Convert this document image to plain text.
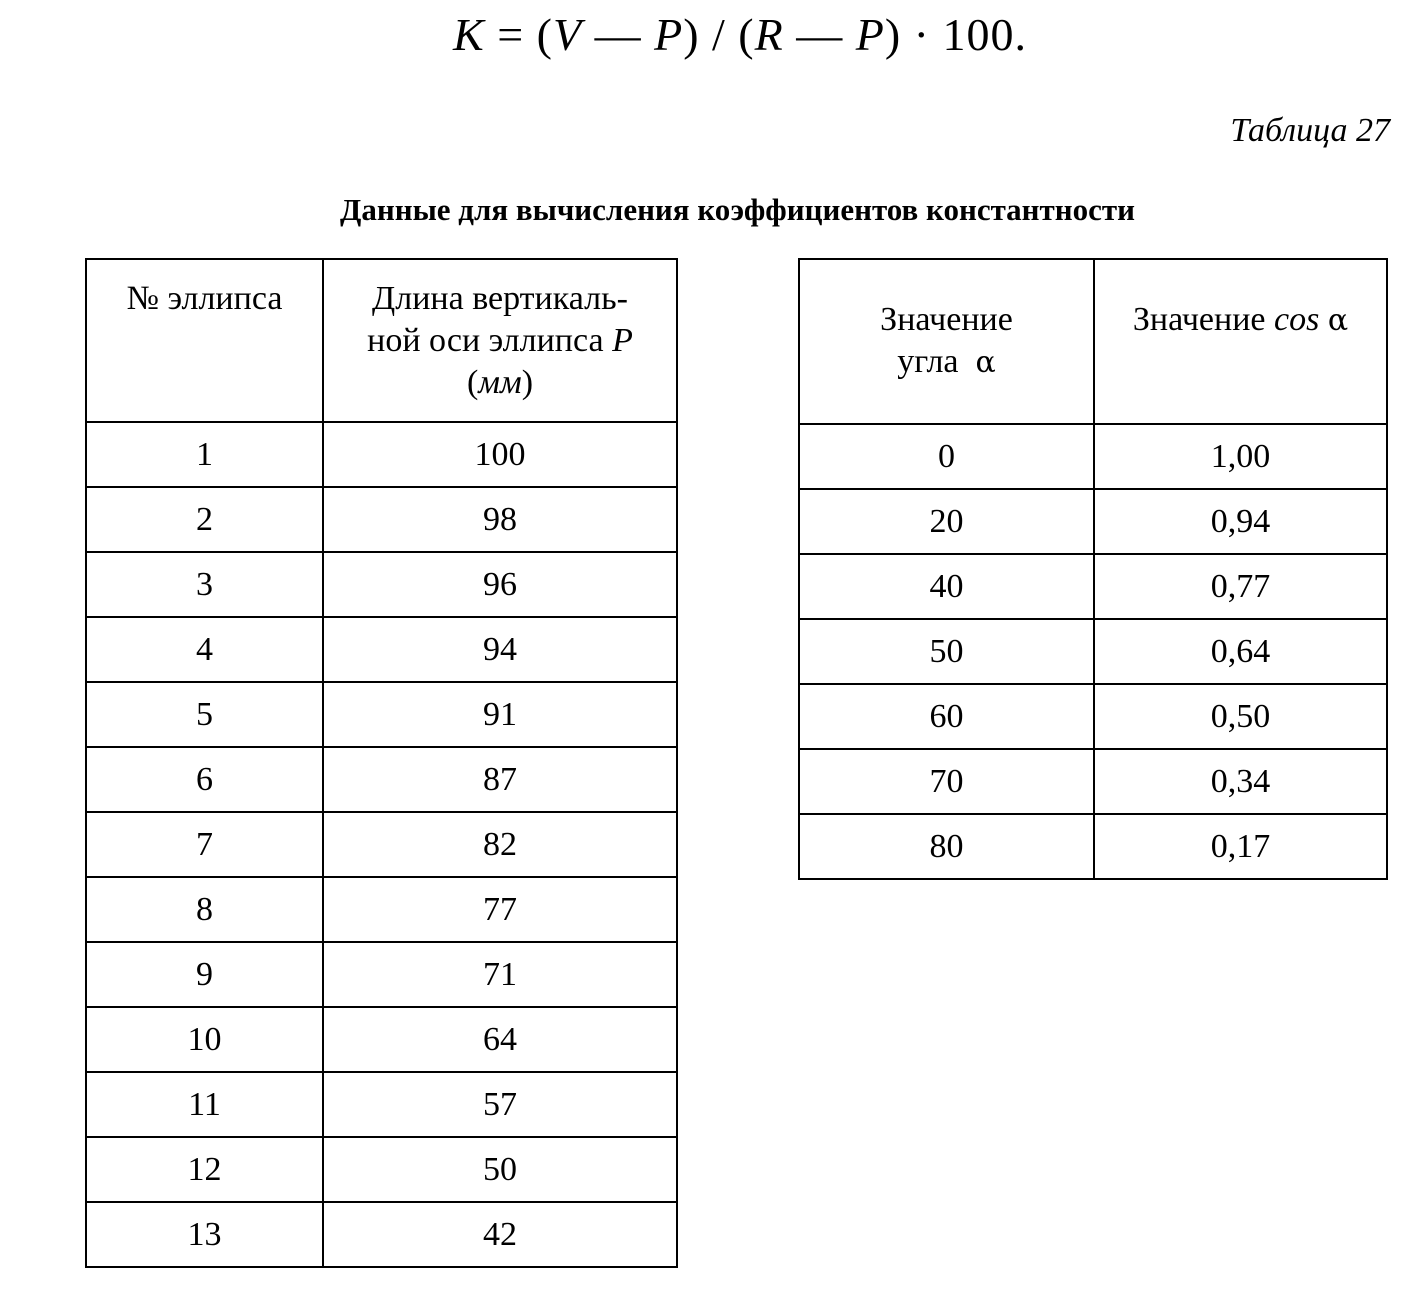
K = (V — P) / (R — P) · 100.
Таблица 27
Данные для вычисления коэффициентов константности
№ эллипса	Длина вертикаль-
ной оси эллипса P
(мм)
1	100
2	98
3	96
4	94
5	91
6	87
7	82
8	77
9	71
10	64
11	57
12	50
13	42
Значение
угла α	Значение cos α

0	1,00
20	0,94
40	0,77
50	0,64
60	0,50
70	0,34
80	0,17
